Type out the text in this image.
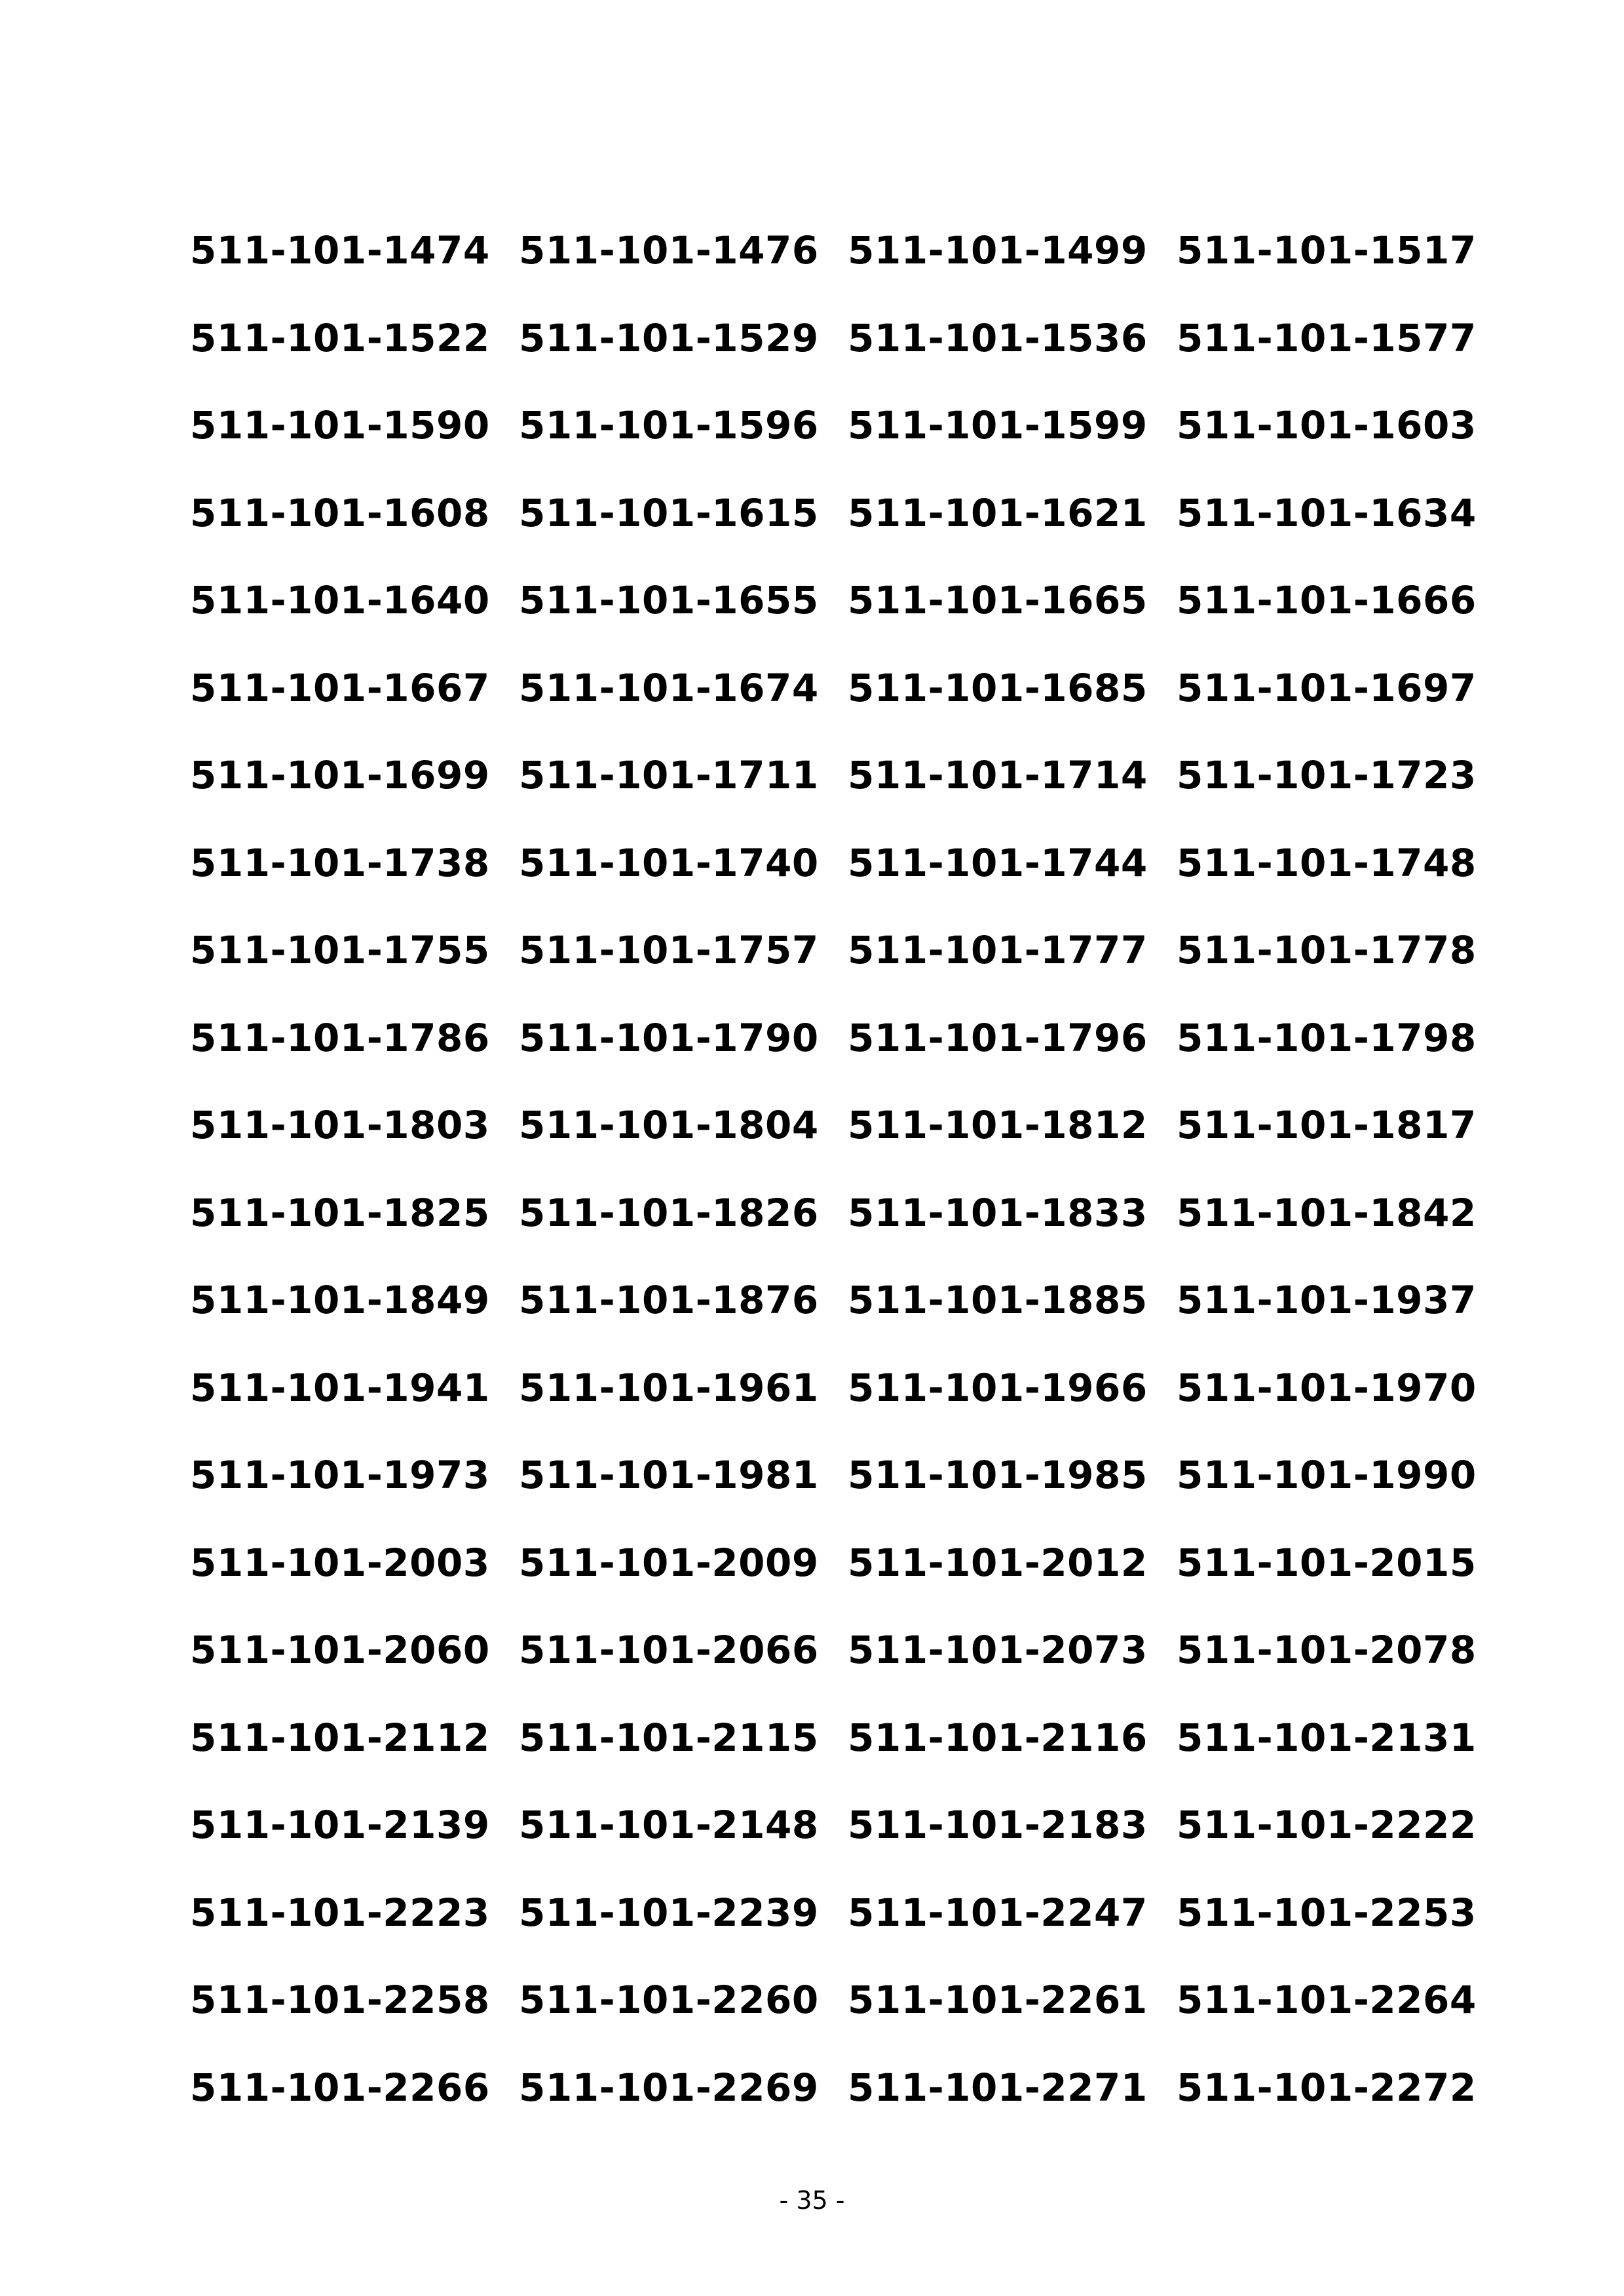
511-101-1474 511-101-1476 511-101-1499 511-101-1517
511-101-1522 511-101-1529 511-101-1536 511-101-1577
511-101-1590 511-101-1596 511-101-1599 511-101-1603
511-101-1608 511-101-1615 511-101-1621 511-101-1634
511-101-1640 511-101-1655 511-101-1665 511-101-1666
511-101-1667 511-101-1674 511-101-1685 511-101-1697
511-101-1699 511-101-1711 511-101-1714 511-101-1723
511-101-1738 511-101-1740 511-101-1744 511-101-1748
511-101-1755 511-101-1757 511-101-1777 511-101-1778
511-101-1786 511-101-1790 511-101-1796 511-101-1798
511-101-1803 511-101-1804 511-101-1812 511-101-1817
511-101-1825 511-101-1826 511-101-1833 511-101-1842
511-101-1849 511-101-1876 511-101-1885 511-101-1937
511-101-1941 511-101-1961 511-101-1966 511-101-1970
511-101-1973 511-101-1981 511-101-1985 511-101-1990
511-101-2003 511-101-2009 511-101-2012 511-101-2015
511-101-2060 511-101-2066 511-101-2073 511-101-2078
511-101-2112 511-101-2115 511-101-2116 511-101-2131
511-101-2139 511-101-2148 511-101-2183 511-101-2222
511-101-2223 511-101-2239 511-101-2247 511-101-2253
511-101-2258 511-101-2260 511-101-2261 511-101-2264
511-101-2266 511-101-2269 511-101-2271 511-101-2272
- 35 -
